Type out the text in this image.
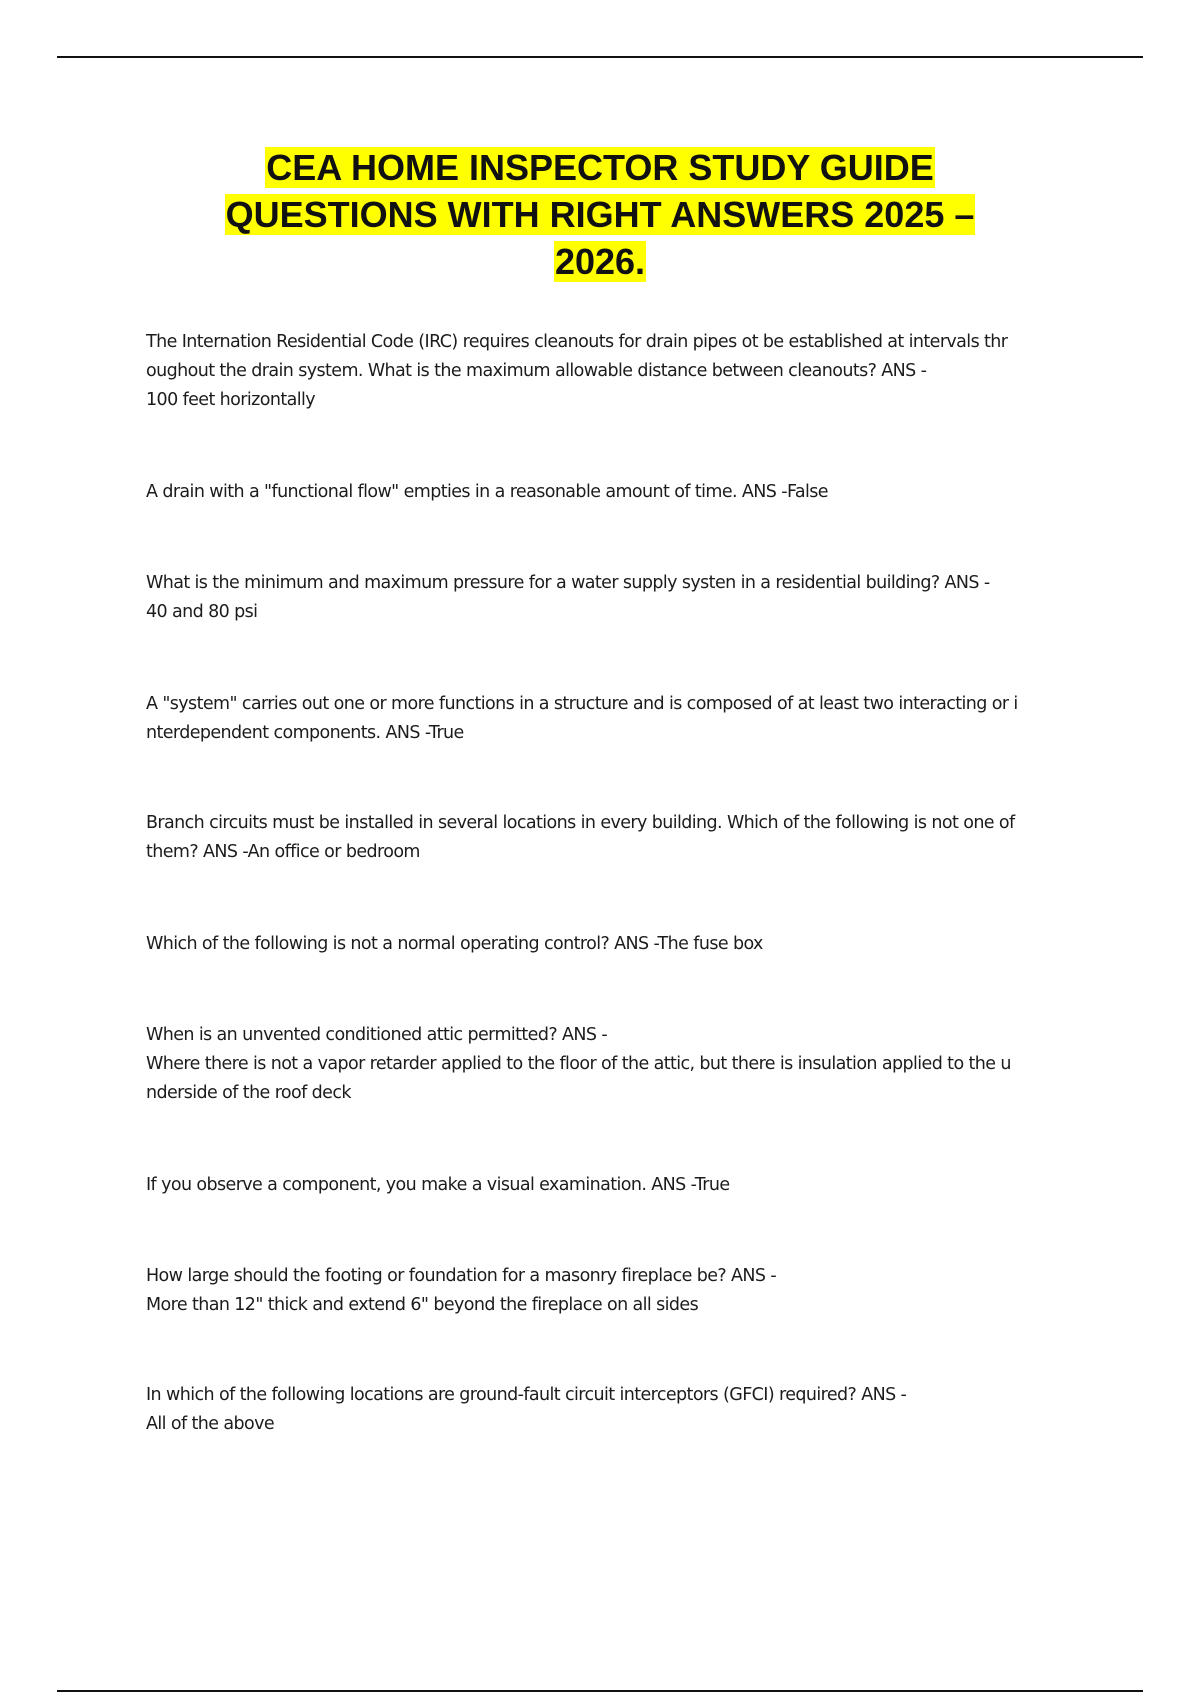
CEA HOME INSPECTOR STUDY GUIDE
QUESTIONS WITH RIGHT ANSWERS 2025 –
2026.

The Internation Residential Code (IRC) requires cleanouts for drain pipes ot be established at intervals thr
oughout the drain system. What is the maximum allowable distance between cleanouts? ANS -
100 feet horizontally

A drain with a "functional flow" empties in a reasonable amount of time. ANS -False

What is the minimum and maximum pressure for a water supply systen in a residential building? ANS -
40 and 80 psi

A "system" carries out one or more functions in a structure and is composed of at least two interacting or i
nterdependent components. ANS -True

Branch circuits must be installed in several locations in every building. Which of the following is not one of
them? ANS -An office or bedroom

Which of the following is not a normal operating control? ANS -The fuse box

When is an unvented conditioned attic permitted? ANS -
Where there is not a vapor retarder applied to the floor of the attic, but there is insulation applied to the u
nderside of the roof deck

If you observe a component, you make a visual examination. ANS -True

How large should the footing or foundation for a masonry fireplace be? ANS -
More than 12" thick and extend 6" beyond the fireplace on all sides

In which of the following locations are ground-fault circuit interceptors (GFCI) required? ANS -
All of the above
